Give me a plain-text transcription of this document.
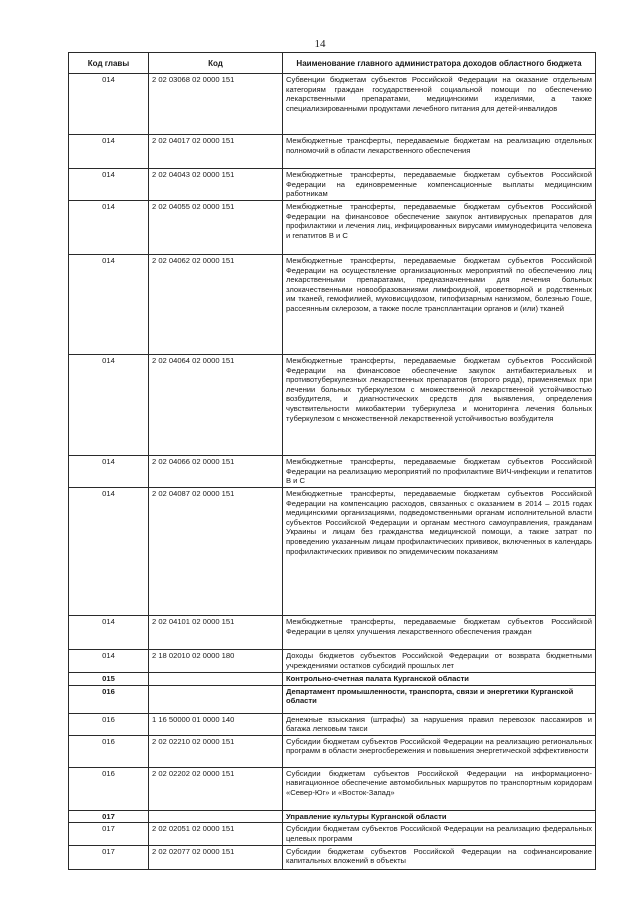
14
Код главы	Код	Наименование главного администратора доходов областного бюджета
014	2 02 03068 02 0000 151	Субвенции бюджетам субъектов Российской Федерации на оказание отдельным категориям граждан государственной социальной помощи по обеспечению лекарственными препаратами, медицинскими изделиями, а также специализированными продуктами лечебного питания для детей-инвалидов
014	2 02 04017 02 0000 151	Межбюджетные трансферты, передаваемые бюджетам на реализацию отдельных полномочий в области лекарственного обеспечения
014	2 02 04043 02 0000 151	Межбюджетные трансферты, передаваемые бюджетам субъектов Российской Федерации на единовременные компенсационные выплаты медицинским работникам
014	2 02 04055 02 0000 151	Межбюджетные трансферты, передаваемые бюджетам субъектов Российской Федерации на финансовое обеспечение закупок антивирусных препаратов для профилактики и лечения лиц, инфицированных вирусами иммунодефицита человека и гепатитов В и С
014	2 02 04062 02 0000 151	Межбюджетные трансферты, передаваемые бюджетам субъектов Российской Федерации на осуществление организационных мероприятий по обеспечению лиц лекарственными препаратами, предназначенными для лечения больных злокачественными новообразованиями лимфоидной, кроветворной и родственных им тканей, гемофилией, муковисцидозом, гипофизарным нанизмом, болезнью Гоше, рассеянным склерозом, а также после трансплантации органов и (или) тканей
014	2 02 04064 02 0000 151	Межбюджетные трансферты, передаваемые бюджетам субъектов Российской Федерации на финансовое обеспечение закупок антибактериальных и противотуберкулезных лекарственных препаратов (второго ряда), применяемых при лечении больных туберкулезом с множественной лекарственной устойчивостью возбудителя, и диагностических средств для выявления, определения чувствительности микобактерии туберкулеза и мониторинга лечения больных туберкулезом с множественной лекарственной устойчивостью возбудителя
014	2 02 04066 02 0000 151	Межбюджетные трансферты, передаваемые бюджетам субъектов Российской Федерации на реализацию мероприятий по профилактике ВИЧ-инфекции и гепатитов В и С
014	2 02 04087 02 0000 151	Межбюджетные трансферты, передаваемые бюджетам субъектов Российской Федерации на компенсацию расходов, связанных с оказанием в 2014 – 2015 годах медицинскими организациями, подведомственными органам исполнительной власти субъектов Российской Федерации и органам местного самоуправления, гражданам Украины и лицам без гражданства медицинской помощи, а также затрат по проведению указанным лицам профилактических прививок, включенных в календарь профилактических прививок по эпидемическим показаниям
014	2 02 04101 02 0000 151	Межбюджетные трансферты, передаваемые бюджетам субъектов Российской Федерации в целях улучшения лекарственного обеспечения граждан
014	2 18 02010 02 0000 180	Доходы бюджетов субъектов Российской Федерации от возврата бюджетными учреждениями остатков субсидий прошлых лет
015		Контрольно-счетная палата Курганской области
016		Департамент промышленности, транспорта, связи и энергетики Курганской области
016	1 16 50000 01 0000 140	Денежные взыскания (штрафы) за нарушения правил перевозок пассажиров и багажа легковым такси
016	2 02 02210 02 0000 151	Субсидии бюджетам субъектов Российской Федерации на реализацию региональных программ в области энергосбережения и повышения энергетической эффективности
016	2 02 02202 02 0000 151	Субсидии бюджетам субъектов Российской Федерации на информационно-навигационное обеспечение автомобильных маршрутов по транспортным коридорам «Север-Юг» и «Восток-Запад»
017		Управление культуры Курганской области
017	2 02 02051 02 0000 151	Субсидии бюджетам субъектов Российской Федерации на реализацию федеральных целевых программ
017	2 02 02077 02 0000 151	Субсидии бюджетам субъектов Российской Федерации на софинансирование капитальных вложений в объекты
